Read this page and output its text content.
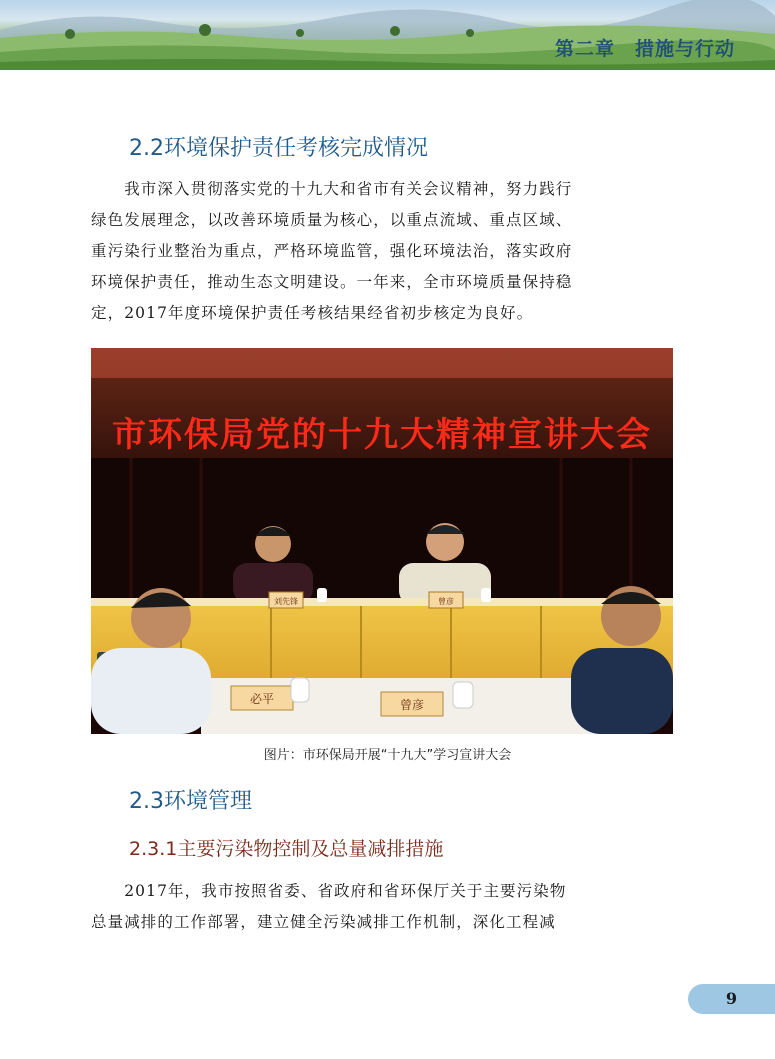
第二章　措施与行动
2.2环境保护责任考核完成情况
　　我市深入贯彻落实党的十九大和省市有关会议精神，努力践行
绿色发展理念，以改善环境质量为核心，以重点流域、重点区域、
重污染行业整治为重点，严格环境监管，强化环境法治，落实政府
环境保护责任，推动生态文明建设。一年来，全市环境质量保持稳
定，2017年度环境保护责任考核结果经省初步核定为良好。
市环保局党的十九大精神宣讲大会
刘先锋	曾彦
必平	曾彦
图片：市环保局开展“十九大”学习宣讲大会
2.3环境管理
2.3.1主要污染物控制及总量减排措施
　　2017年，我市按照省委、省政府和省环保厅关于主要污染物
总量减排的工作部署，建立健全污染减排工作机制，深化工程减
9
